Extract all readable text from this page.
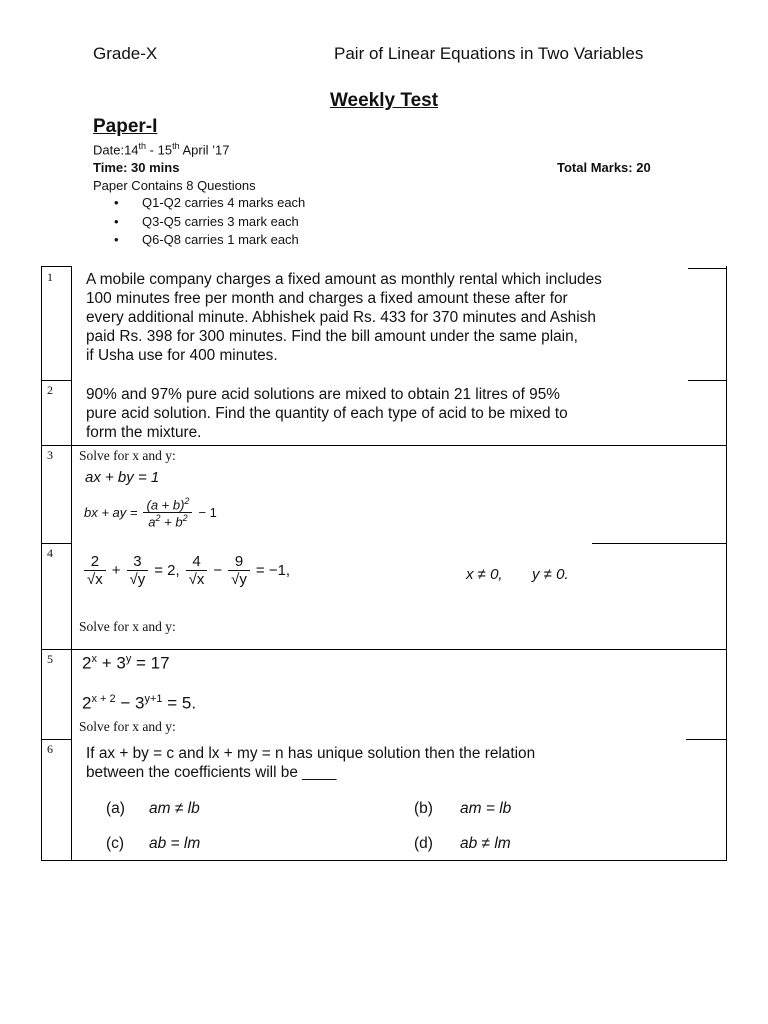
Grade-X	Pair of Linear Equations in Two Variables
Weekly Test
Paper-I
Date:14th - 15th April ’17
Time: 30 mins	Total Marks: 20
Paper Contains 8 Questions
• Q1-Q2 carries 4 marks each
• Q3-Q5 carries 3 mark each
• Q6-Q8 carries 1 mark each
1 A mobile company charges a fixed amount as monthly rental which includes
100 minutes free per month and charges a fixed amount these after for
every additional minute. Abhishek paid Rs. 433 for 370 minutes and Ashish
paid Rs. 398 for 300 minutes. Find the bill amount under the same plain,
if Usha use for 400 minutes.
2 90% and 97% pure acid solutions are mixed to obtain 21 litres of 95%
pure acid solution. Find the quantity of each type of acid to be mixed to
form the mixture.
3 Solve for x and y:
ax + by = 1
bx + ay = $\frac{(a + b)^2}{a^2 + b^2} - 1$
$4 \frac{2}{√x} + \frac{3}{√y} = 2$, $\frac{4}{√x} - \frac{9}{√y} = -1$,	x ≠ 0, y ≠ 0.
Solve for x and y:
5 $2^x + 3^y = 17$
$2^{x + 2} - 3^{y+1} = 5$.
Solve for x and y:
6 If ax + by = c and lx + my = n has unique solution then the relation
between the coefficients will be ____
(a) am ≠ lb	(b) am = lb
(c) ab = lm	(d) ab ≠ lm
